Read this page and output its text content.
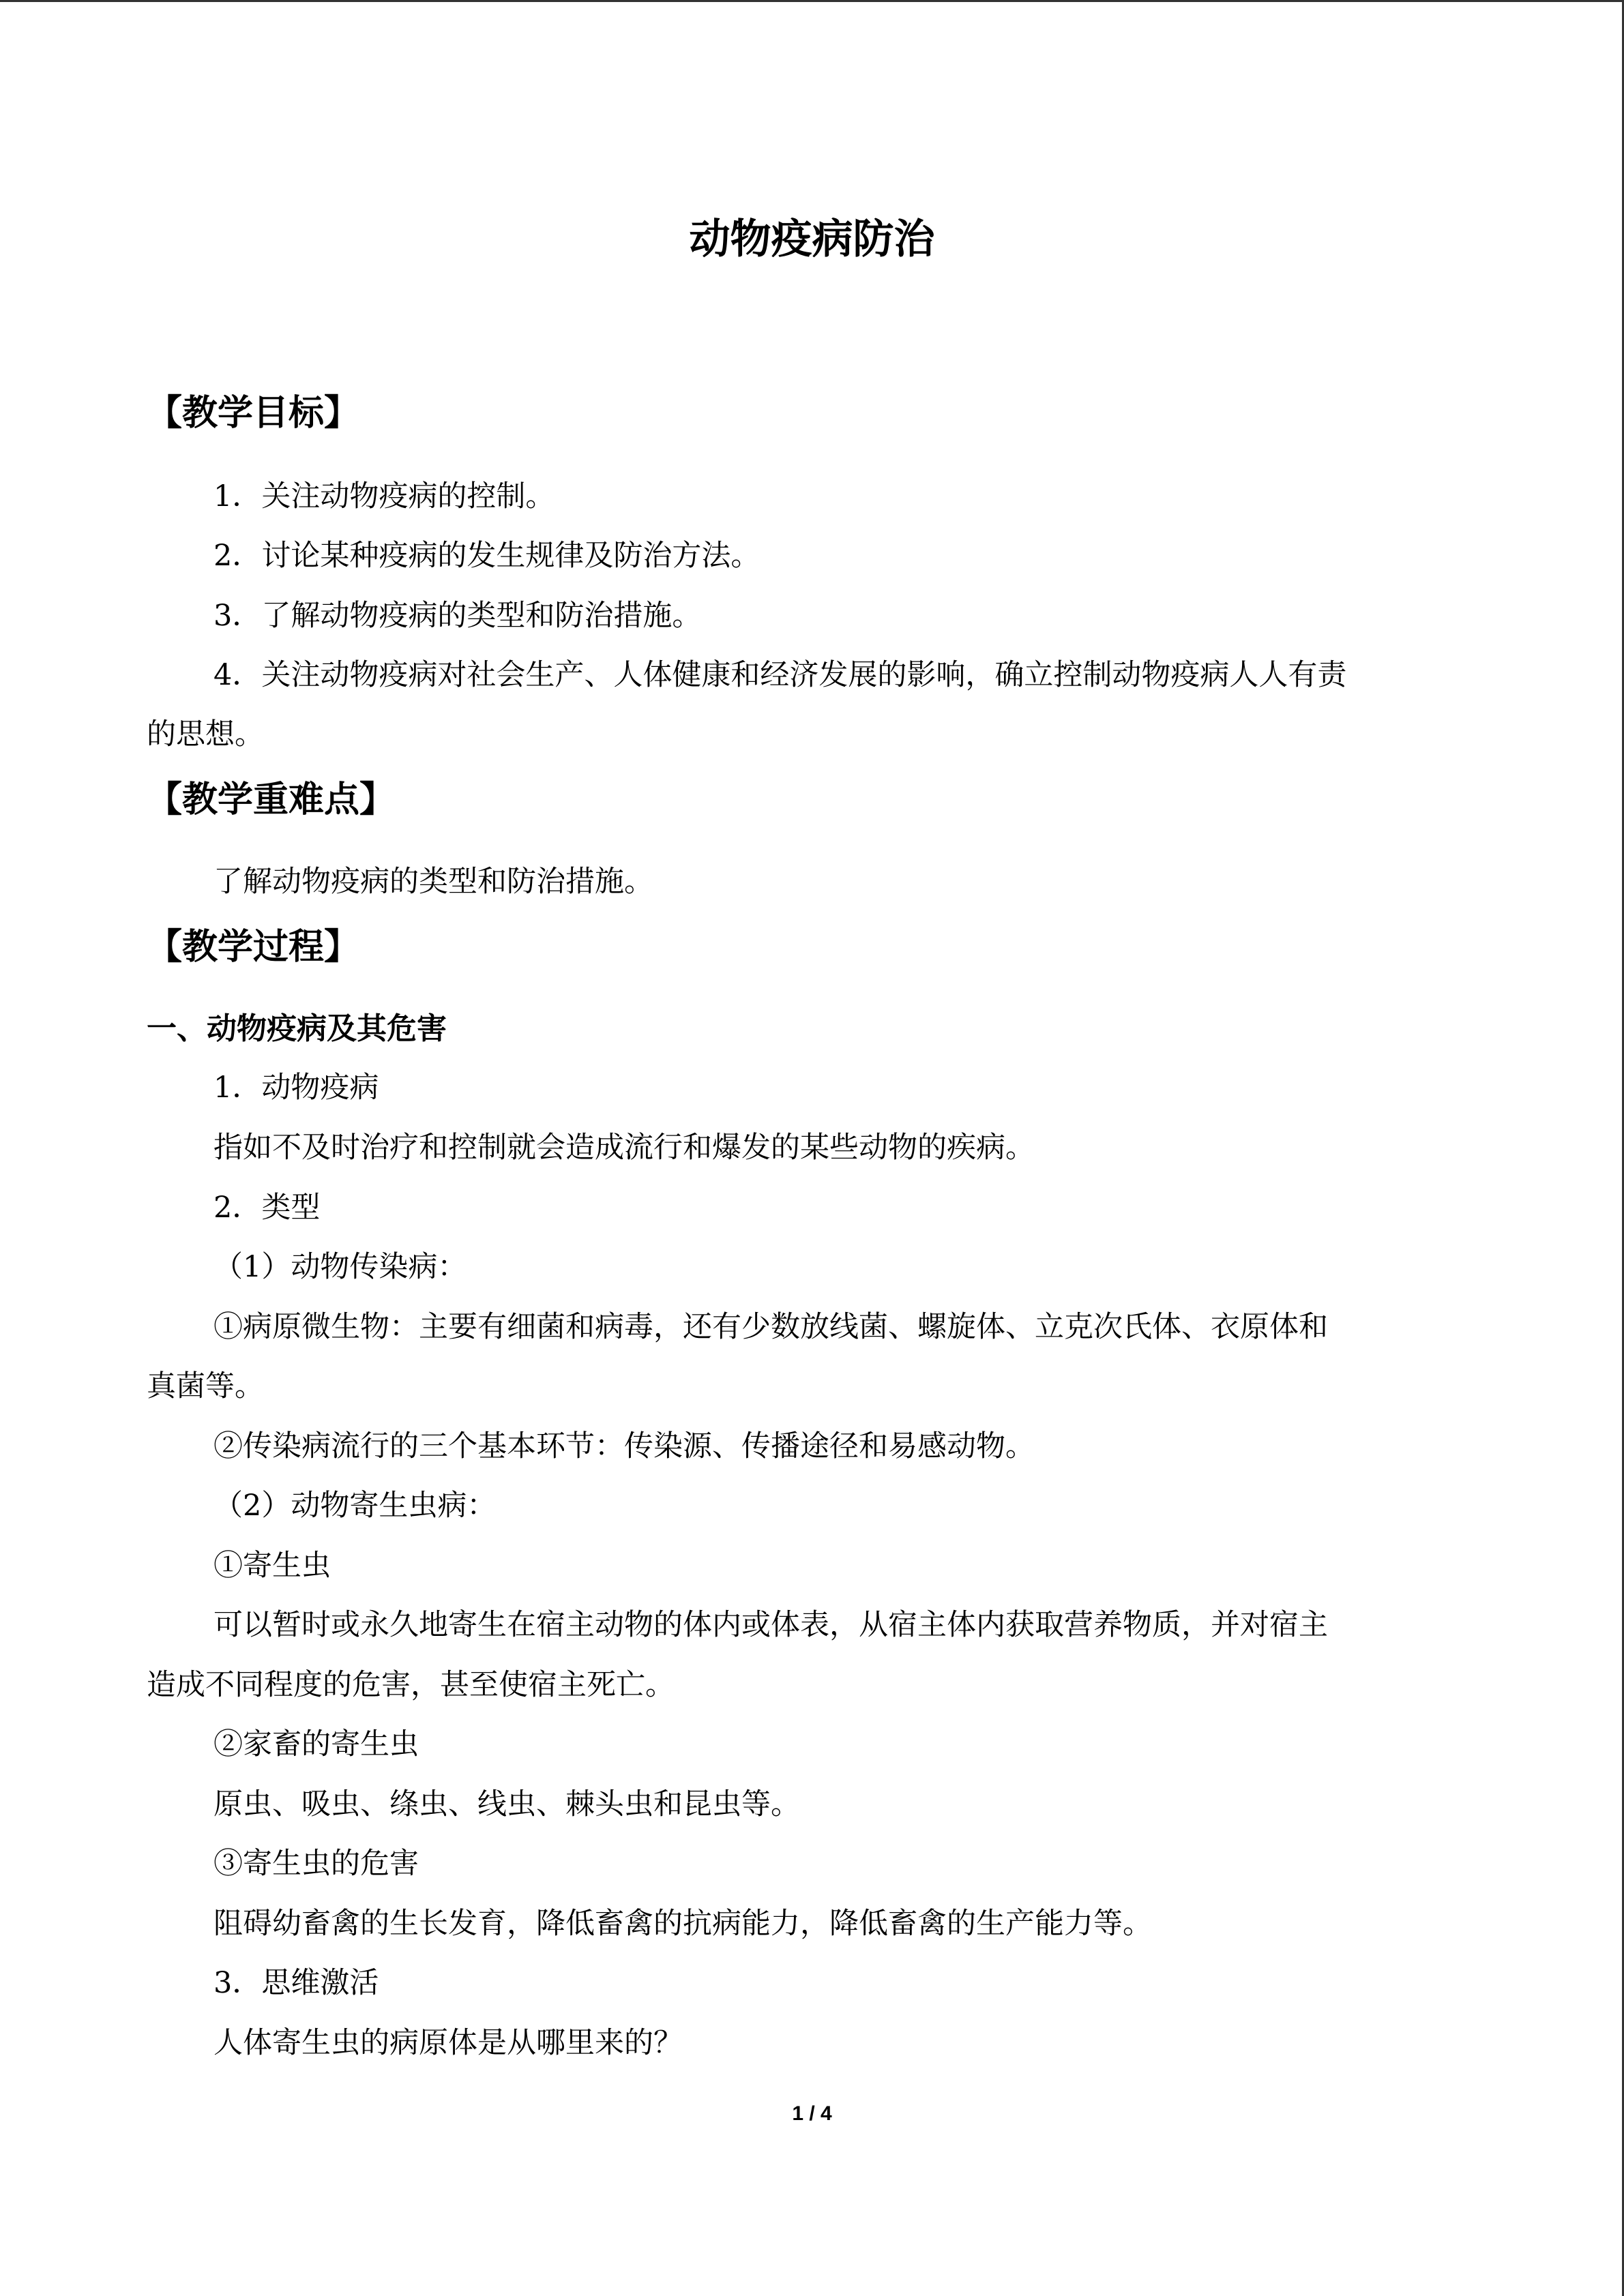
动物疫病防治
【教学目标】
1．关注动物疫病的控制。
2．讨论某种疫病的发生规律及防治方法。
3．了解动物疫病的类型和防治措施。
4．关注动物疫病对社会生产、人体健康和经济发展的影响，确立控制动物疫病人人有责
的思想。
【教学重难点】
了解动物疫病的类型和防治措施。
【教学过程】
一、动物疫病及其危害
1．动物疫病
指如不及时治疗和控制就会造成流行和爆发的某些动物的疾病。
2．类型
（1）动物传染病：
①病原微生物：主要有细菌和病毒，还有少数放线菌、螺旋体、立克次氏体、衣原体和
真菌等。
②传染病流行的三个基本环节：传染源、传播途径和易感动物。
（2）动物寄生虫病：
①寄生虫
可以暂时或永久地寄生在宿主动物的体内或体表，从宿主体内获取营养物质，并对宿主
造成不同程度的危害，甚至使宿主死亡。
②家畜的寄生虫
原虫、吸虫、绦虫、线虫、棘头虫和昆虫等。
③寄生虫的危害
阻碍幼畜禽的生长发育，降低畜禽的抗病能力，降低畜禽的生产能力等。
3．思维激活
人体寄生虫的病原体是从哪里来的？
1 / 4
